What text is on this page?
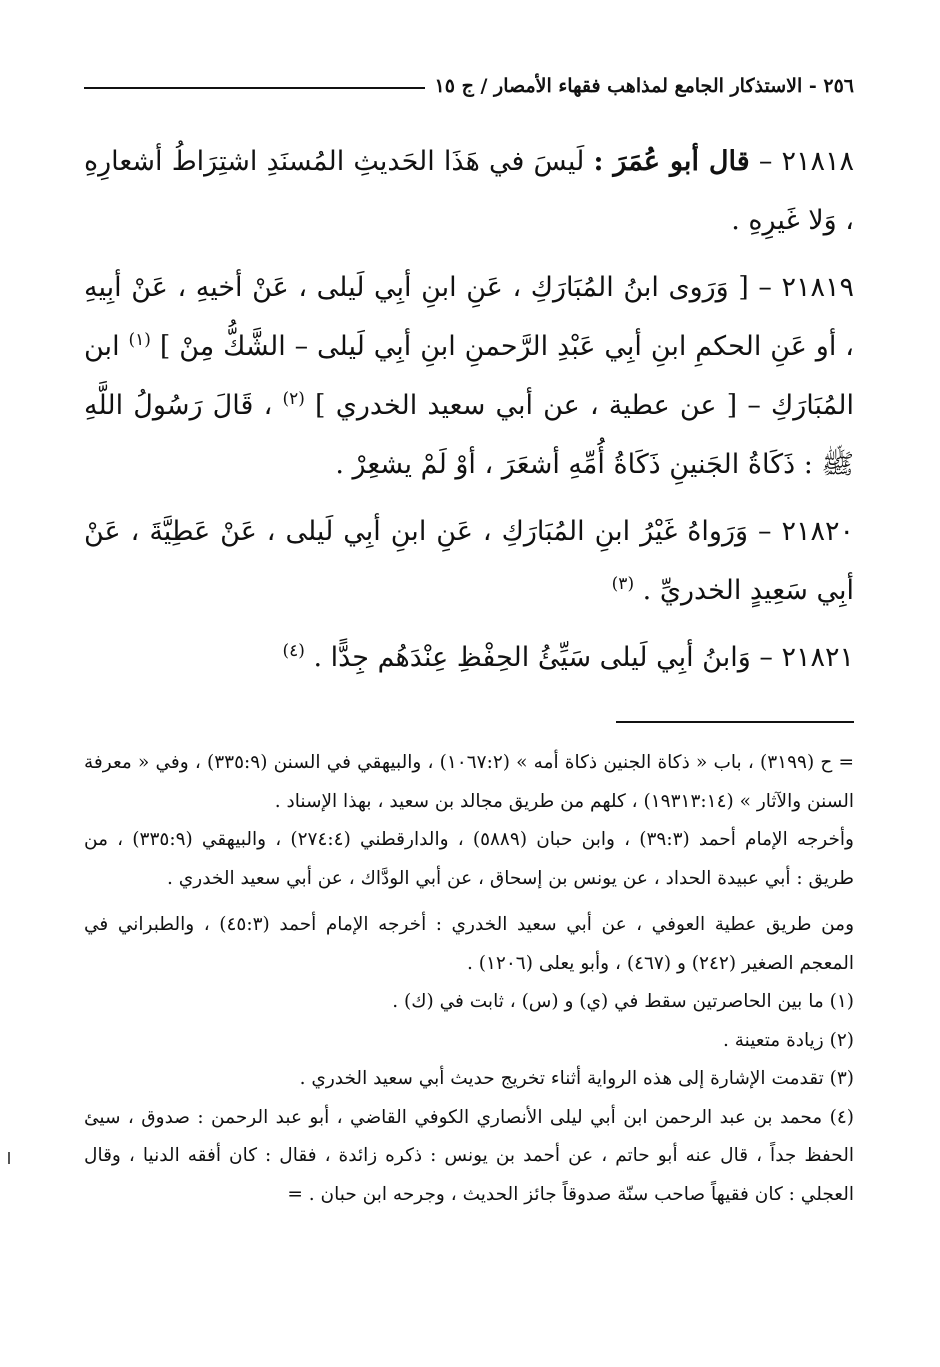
٢٥٦ - الاستذكار الجامع لمذاهب فقهاء الأمصار / ج ١٥

٢١٨١٨ – قال أبو عُمَرَ : لَيسَ في هَذَا الحَديثِ المُسنَدِ اشتِرَاطُ أشعارِهِ ، وَلا غَيرِهِ .

٢١٨١٩ – [ وَرَوى ابنُ المُبَارَكِ ، عَنِ ابنِ أبِي لَيلى ، عَنْ أخيهِ ، عَنْ أبِيهِ ، أو عَنِ الحكمِ ابنِ أبِي عَبْدِ الرَّحمنِ ابنِ أبِي لَيلى – الشَّكُّ مِنْ ] $^{(١)}$ ابن المُبَارَكِ – [ عن عطية ، عن أبي سعيد الخدري ] $^{(٢)}$ ، قَالَ رَسُولُ اللَّهِ ﷺ : ذَكَاةُ الجَنينِ ذَكَاةُ أُمِّهِ أشعَرَ ، أوْ لَمْ يشعِرْ .

٢١٨٢٠ – وَرَواهُ غَيْرُ ابنِ المُبَارَكِ ، عَنِ ابنِ أبِي لَيلى ، عَنْ عَطِيَّةَ ، عَنْ أبِي سَعِيدٍ الخدريِّ . $^{(٣)}$

٢١٨٢١ – وَابنُ أبِي لَيلى سَيِّئُ الحِفْظِ عِنْدَهُم جِدًّا . $^{(٤)}$

= ح (٣١٩٩) ، باب « ذكاة الجنين ذكاة أمه » (١٠٦٧:٢) ، والبيهقي في السنن (٣٣٥:٩) ، وفي « معرفة السنن والآثار » (١٩٣١٣:١٤) ، كلهم من طريق مجالد بن سعيد ، بهذا الإسناد .

وأخرجه الإمام أحمد (٣٩:٣) ، وابن حبان (٥٨٨٩) ، والدارقطني (٢٧٤:٤) ، والبيهقي (٣٣٥:٩) ، من طريق : أبي عبيدة الحداد ، عن يونس بن إسحاق ، عن أبي الودَّاك ، عن أبي سعيد الخدري .

ومن طريق عطية العوفي ، عن أبي سعيد الخدري : أخرجه الإمام أحمد (٤٥:٣) ، والطبراني في المعجم الصغير (٢٤٢) و (٤٦٧) ، وأبو يعلى (١٢٠٦) .

(١) ما بين الحاصرتين سقط في (ي) و (س) ، ثابت في (ك) .

(٢) زيادة متعينة .

(٣) تقدمت الإشارة إلى هذه الرواية أثناء تخريج حديث أبي سعيد الخدري .

(٤) محمد بن عبد الرحمن ابن أبي ليلى الأنصاري الكوفي القاضي ، أبو عبد الرحمن : صدوق ، سيئ الحفظ جداً ، قال عنه أبو حاتم ، عن أحمد بن يونس : ذكره زائدة ، فقال : كان أفقه الدنيا ، وقال العجلي : كان فقيهاً صاحب سنّة صدوقاً جائز الحديث ، وجرحه ابن حبان . =
